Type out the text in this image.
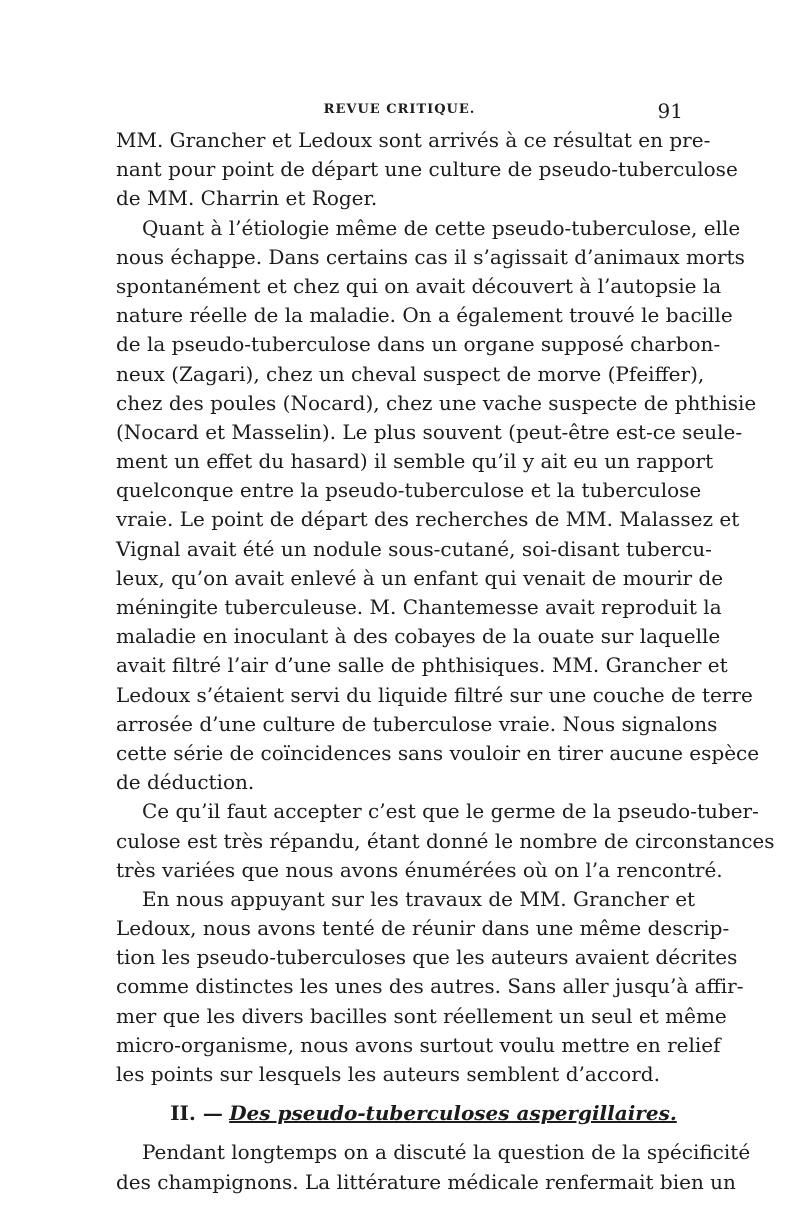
REVUE CRITIQUE.	91
MM. Grancher et Ledoux sont arrivés à ce résultat en pre-
nant pour point de départ une culture de pseudo-tuberculose
de MM. Charrin et Roger.
Quant à l’étiologie même de cette pseudo-tuberculose, elle
nous échappe. Dans certains cas il s’agissait d’animaux morts
spontanément et chez qui on avait découvert à l’autopsie la
nature réelle de la maladie. On a également trouvé le bacille
de la pseudo-tuberculose dans un organe supposé charbon-
neux (Zagari), chez un cheval suspect de morve (Pfeiffer),
chez des poules (Nocard), chez une vache suspecte de phthisie
(Nocard et Masselin). Le plus souvent (peut-être est-ce seule-
ment un effet du hasard) il semble qu’il y ait eu un rapport
quelconque entre la pseudo-tuberculose et la tuberculose
vraie. Le point de départ des recherches de MM. Malassez et
Vignal avait été un nodule sous-cutané, soi-disant tubercu-
leux, qu’on avait enlevé à un enfant qui venait de mourir de
méningite tuberculeuse. M. Chantemesse avait reproduit la
maladie en inoculant à des cobayes de la ouate sur laquelle
avait filtré l’air d’une salle de phthisiques. MM. Grancher et
Ledoux s’étaient servi du liquide filtré sur une couche de terre
arrosée d’une culture de tuberculose vraie. Nous signalons
cette série de coïncidences sans vouloir en tirer aucune espèce
de déduction.
Ce qu’il faut accepter c’est que le germe de la pseudo-tuber-
culose est très répandu, étant donné le nombre de circonstances
très variées que nous avons énumérées où on l’a rencontré.
En nous appuyant sur les travaux de MM. Grancher et
Ledoux, nous avons tenté de réunir dans une même descrip-
tion les pseudo-tuberculoses que les auteurs avaient décrites
comme distinctes les unes des autres. Sans aller jusqu’à affir-
mer que les divers bacilles sont réellement un seul et même
micro-organisme, nous avons surtout voulu mettre en relief
les points sur lesquels les auteurs semblent d’accord.
II. — Des pseudo-tuberculoses aspergillaires.
Pendant longtemps on a discuté la question de la spécificité
des champignons. La littérature médicale renfermait bien un
